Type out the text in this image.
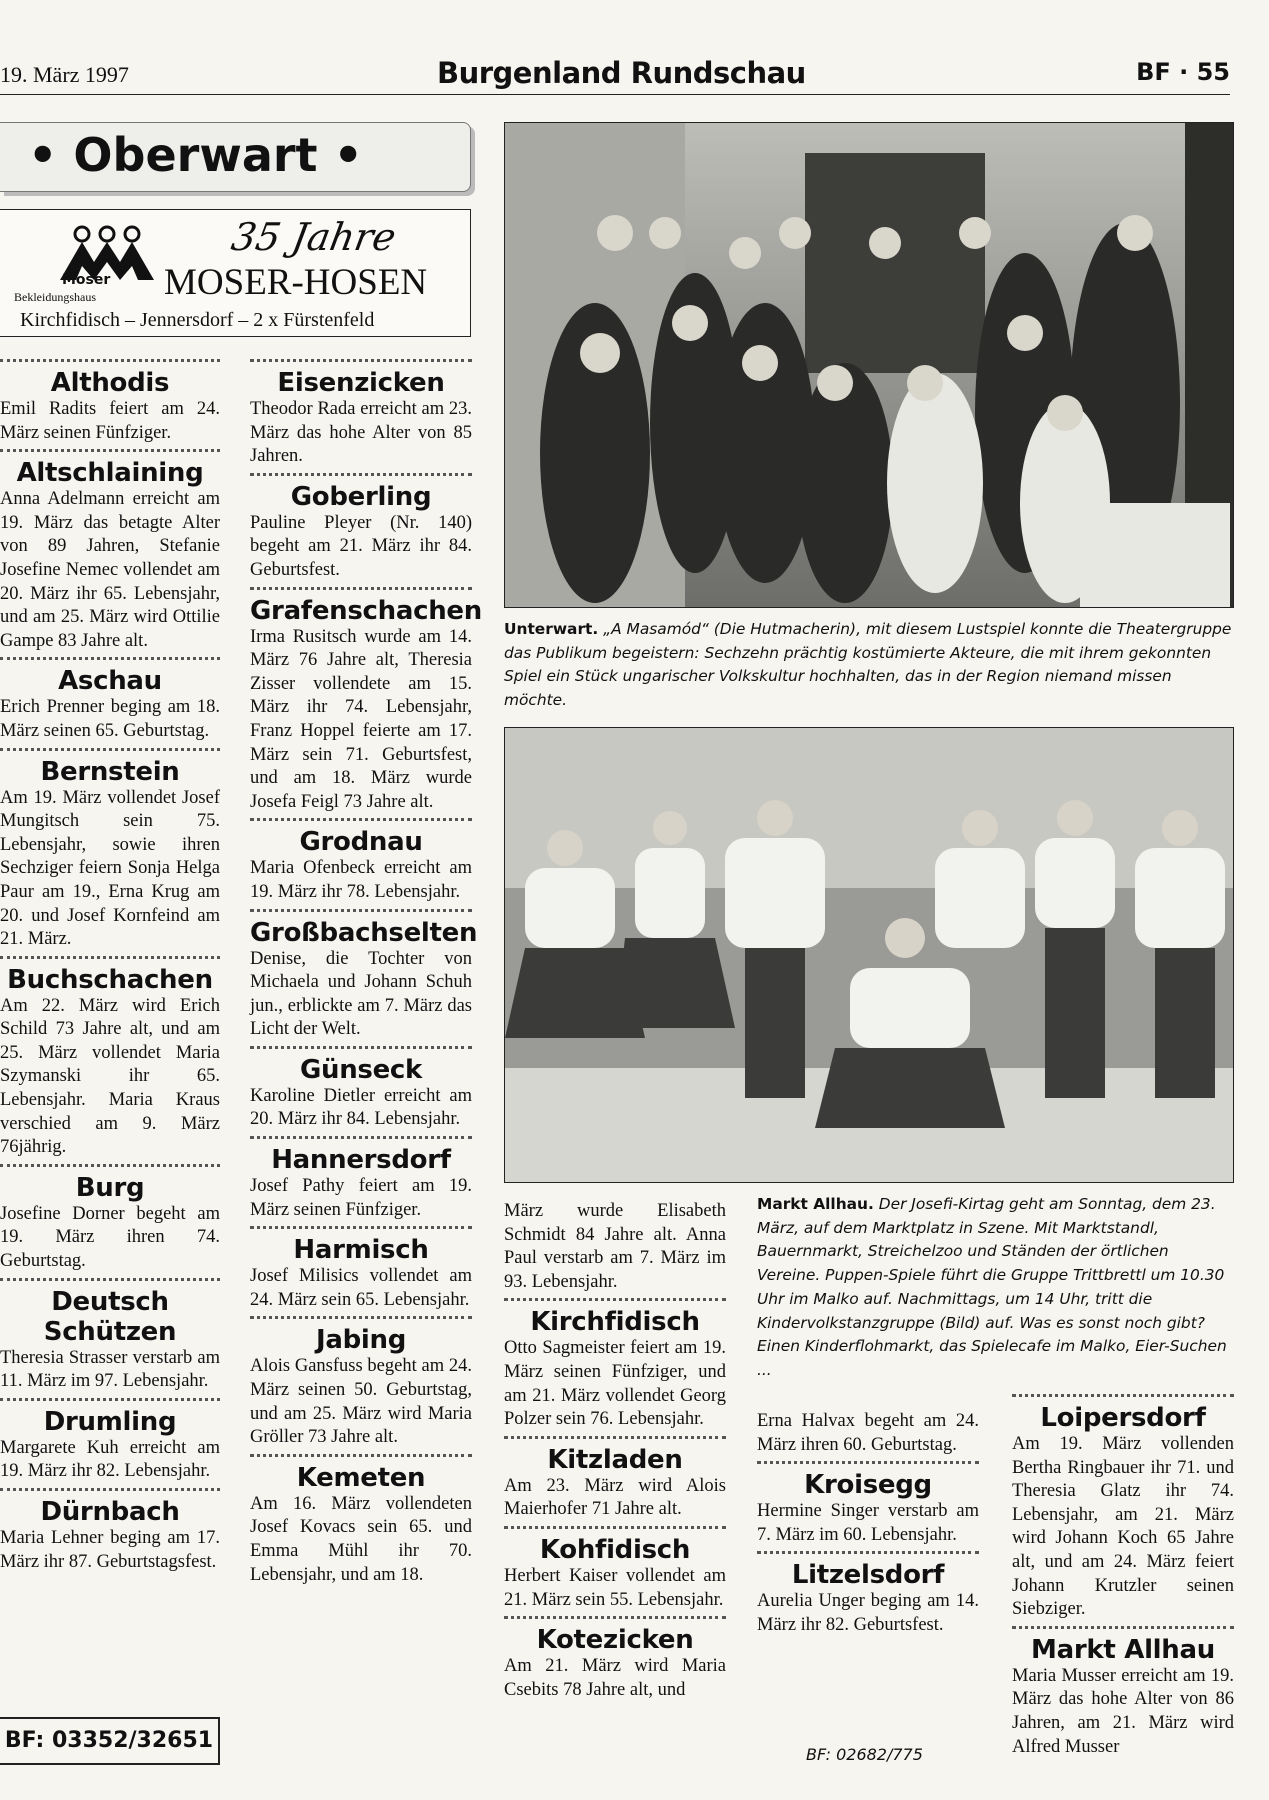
19. März 1997	Burgenland Rundschau	BF · 55
• Oberwart •
Moser
Bekleidungshaus
35 Jahre
MOSER-HOSEN
Kirchfidisch – Jennersdorf – 2 x Fürstenfeld
Althodis
Emil Radits feiert am 24. März seinen Fünfziger.
Altschlaining
Anna Adelmann erreicht am 19. März das betagte Alter von 89 Jahren, Stefanie Josefine Nemec vollendet am 20. März ihr 65. Lebensjahr, und am 25. März wird Ottilie Gampe 83 Jahre alt.
Aschau
Erich Prenner beging am 18. März seinen 65. Geburtstag.
Bernstein
Am 19. März vollendet Josef Mungitsch sein 75. Lebensjahr, sowie ihren Sechziger feiern Sonja Helga Paur am 19., Erna Krug am 20. und Josef Kornfeind am 21. März.
Buchschachen
Am 22. März wird Erich Schild 73 Jahre alt, und am 25. März vollendet Maria Szymanski ihr 65. Lebensjahr. Maria Kraus verschied am 9. März 76jährig.
Burg
Josefine Dorner begeht am 19. März ihren 74. Geburtstag.
Deutsch Schützen
Theresia Strasser verstarb am 11. März im 97. Lebensjahr.
Drumling
Margarete Kuh erreicht am 19. März ihr 82. Lebensjahr.
Dürnbach
Maria Lehner beging am 17. März ihr 87. Geburtstagsfest.
Eisenzicken
Theodor Rada erreicht am 23. März das hohe Alter von 85 Jahren.
Goberling
Pauline Pleyer (Nr. 140) begeht am 21. März ihr 84. Geburtsfest.
Grafenschachen
Irma Rusitsch wurde am 14. März 76 Jahre alt, Theresia Zisser vollendete am 15. März ihr 74. Lebensjahr, Franz Hoppel feierte am 17. März sein 71. Geburtsfest, und am 18. März wurde Josefa Feigl 73 Jahre alt.
Grodnau
Maria Ofenbeck erreicht am 19. März ihr 78. Lebensjahr.
Großbachselten
Denise, die Tochter von Michaela und Johann Schuh jun., erblickte am 7. März das Licht der Welt.
Günseck
Karoline Dietler erreicht am 20. März ihr 84. Lebensjahr.
Hannersdorf
Josef Pathy feiert am 19. März seinen Fünfziger.
Harmisch
Josef Milisics vollendet am 24. März sein 65. Lebensjahr.
Jabing
Alois Gansfuss begeht am 24. März seinen 50. Geburtstag, und am 25. März wird Maria Gröller 73 Jahre alt.
Kemeten
Am 16. März vollendeten Josef Kovacs sein 65. und Emma Mühl ihr 70. Lebensjahr, und am 18.
März wurde Elisabeth Schmidt 84 Jahre alt. Anna Paul verstarb am 7. März im 93. Lebensjahr.
Kirchfidisch
Otto Sagmeister feiert am 19. März seinen Fünfziger, und am 21. März vollendet Georg Polzer sein 76. Lebensjahr.
Kitzladen
Am 23. März wird Alois Maierhofer 71 Jahre alt.
Kohfidisch
Herbert Kaiser vollendet am 21. März sein 55. Lebensjahr.
Kotezicken
Am 21. März wird Maria Csebits 78 Jahre alt, und
Erna Halvax begeht am 24. März ihren 60. Geburtstag.
Kroisegg
Hermine Singer verstarb am 7. März im 60. Lebensjahr.
Litzelsdorf
Aurelia Unger beging am 14. März ihr 82. Geburtsfest.
BF: 02682/775
Loipersdorf
Am 19. März vollenden Bertha Ringbauer ihr 71. und Theresia Glatz ihr 74. Lebensjahr, am 21. März wird Johann Koch 65 Jahre alt, und am 24. März feiert Johann Krutzler seinen Siebziger.
Markt Allhau
Maria Musser erreicht am 19. März das hohe Alter von 86 Jahren, am 21. März wird Alfred Musser
Unterwart. „A Masamód“ (Die Hutmacherin), mit diesem Lustspiel konnte die Theatergruppe das Publikum begeistern: Sechzehn prächtig kostümierte Akteure, die mit ihrem gekonnten Spiel ein Stück ungarischer Volkskultur hochhalten, das in der Region niemand missen möchte.
Markt Allhau. Der Josefi-Kirtag geht am Sonntag, dem 23. März, auf dem Marktplatz in Szene. Mit Marktstandl, Bauernmarkt, Streichelzoo und Ständen der örtlichen Vereine. Puppen-Spiele führt die Gruppe Trittbrettl um 10.30 Uhr im Malko auf. Nachmittags, um 14 Uhr, tritt die Kindervolkstanzgruppe (Bild) auf. Was es sonst noch gibt? Einen Kinderflohmarkt, das Spielecafe im Malko, Eier-Suchen ...
BF: 03352/32651
